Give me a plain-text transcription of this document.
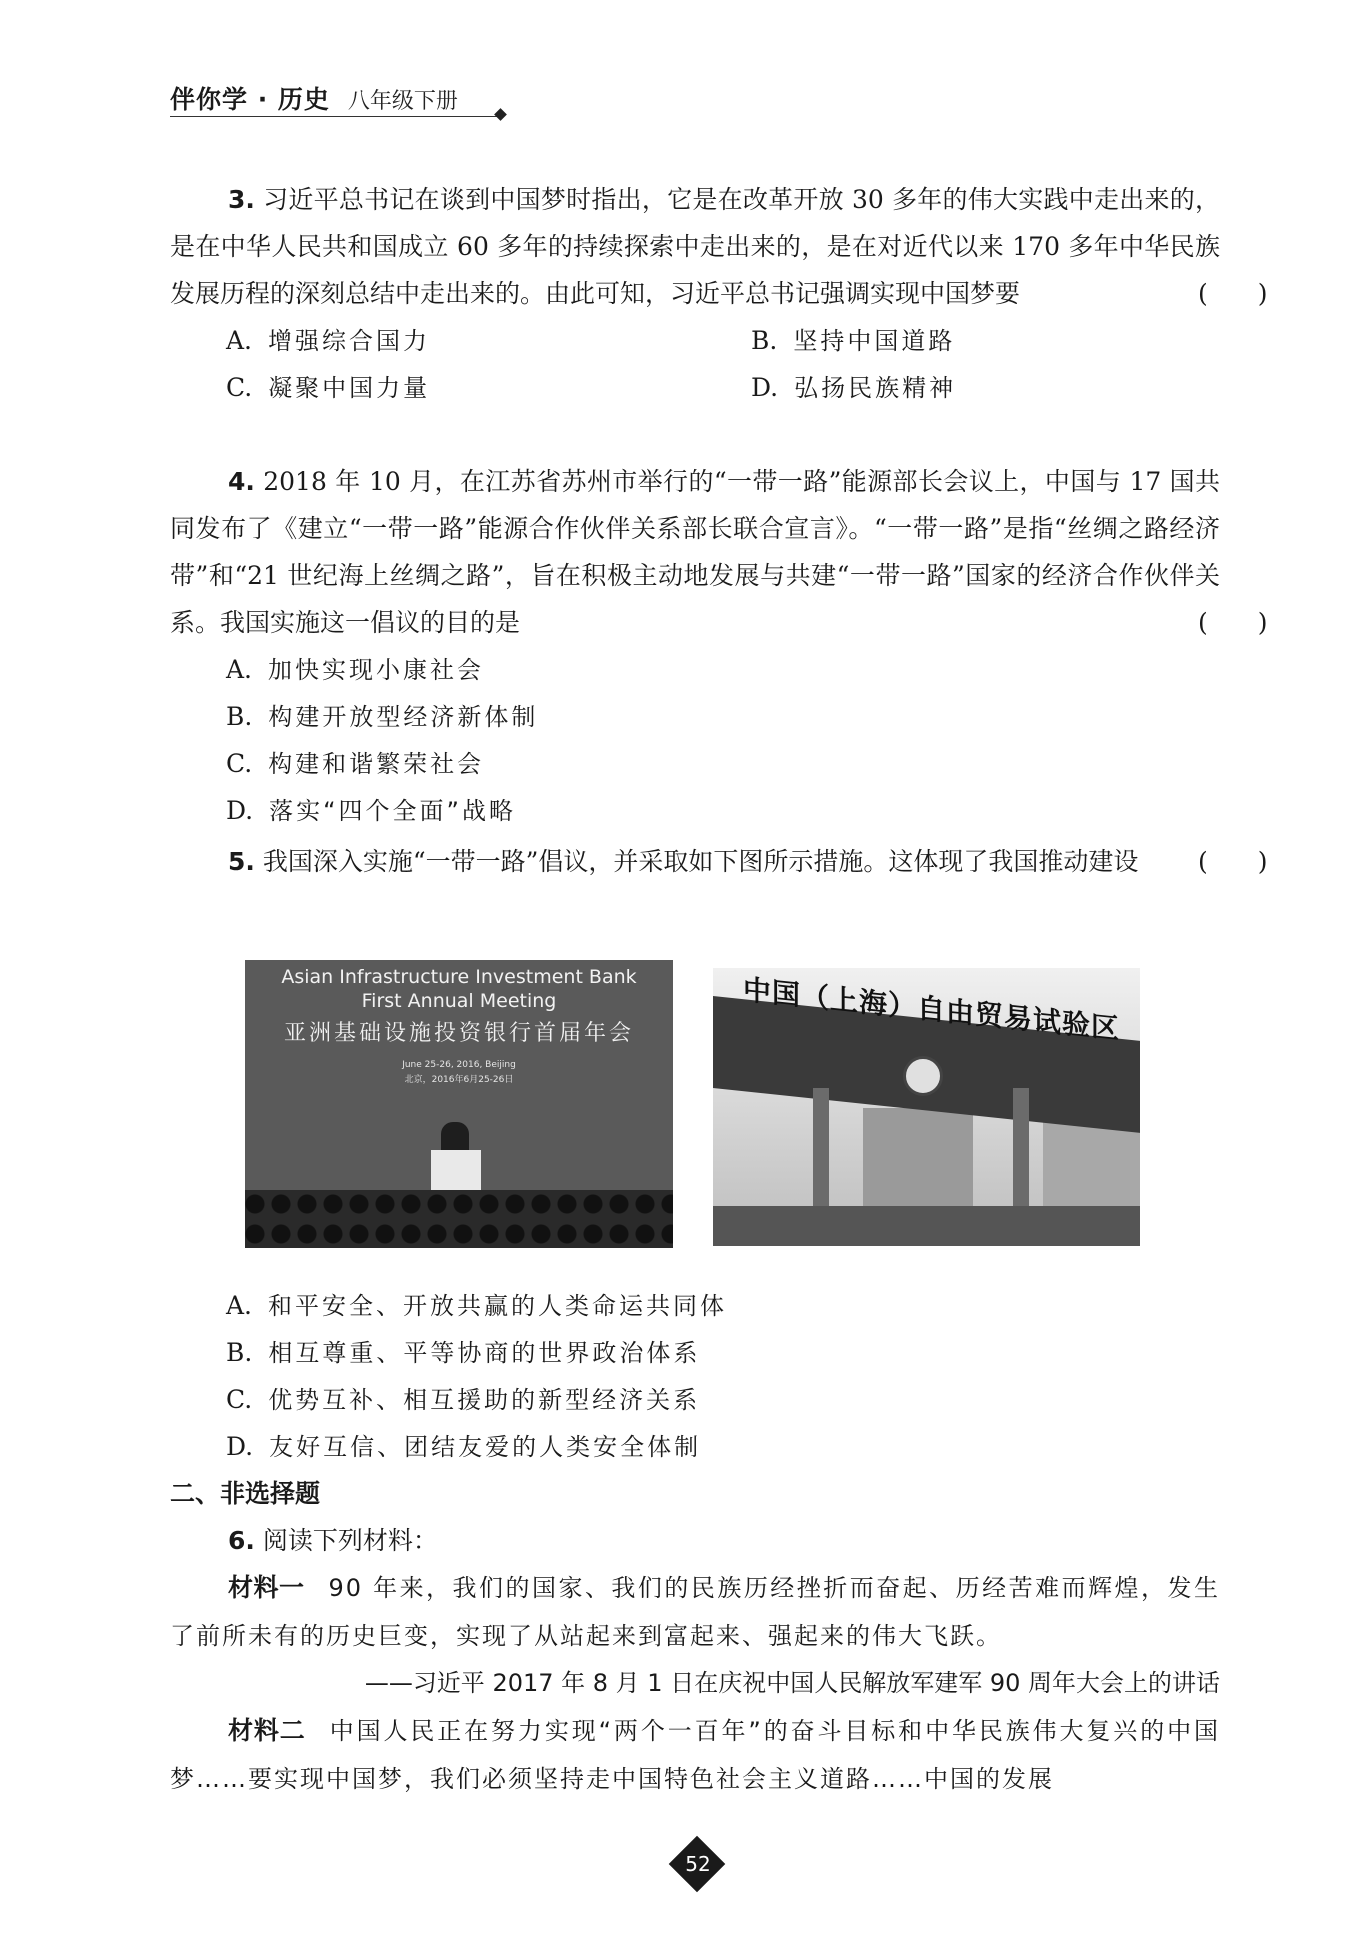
伴你学 · 历史 八年级下册
3. 习近平总书记在谈到中国梦时指出，它是在改革开放 30 多年的伟大实践中走出来的，是在中华人民共和国成立 60 多年的持续探索中走出来的，是在对近代以来 170 多年中华民族发展历程的深刻总结中走出来的。由此可知，习近平总书记强调实现中国梦要	(　　)
A. 增强综合国力	B. 坚持中国道路
C. 凝聚中国力量	D. 弘扬民族精神
4. 2018 年 10 月，在江苏省苏州市举行的“一带一路”能源部长会议上，中国与 17 国共同发布了《建立“一带一路”能源合作伙伴关系部长联合宣言》。“一带一路”是指“丝绸之路经济带”和“21 世纪海上丝绸之路”，旨在积极主动地发展与共建“一带一路”国家的经济合作伙伴关系。我国实施这一倡议的目的是	(　　)
A. 加快实现小康社会
B. 构建开放型经济新体制
C. 构建和谐繁荣社会
D. 落实“四个全面”战略
5. 我国深入实施“一带一路”倡议，并采取如下图所示措施。这体现了我国推动建设	(　　)
Asian Infrastructure Investment Bank
First Annual Meeting
亚洲基础设施投资银行首届年会
June 25-26, 2016, Beijing
北京，2016年6月25-26日
中国（上海）自由贸易试验区
A. 和平安全、开放共赢的人类命运共同体
B. 相互尊重、平等协商的世界政治体系
C. 优势互补、相互援助的新型经济关系
D. 友好互信、团结友爱的人类安全体制
二、非选择题
6. 阅读下列材料：
材料一 90 年来，我们的国家、我们的民族历经挫折而奋起、历经苦难而辉煌，发生了前所未有的历史巨变，实现了从站起来到富起来、强起来的伟大飞跃。
——习近平 2017 年 8 月 1 日在庆祝中国人民解放军建军 90 周年大会上的讲话
材料二 中国人民正在努力实现“两个一百年”的奋斗目标和中华民族伟大复兴的中国梦……要实现中国梦，我们必须坚持走中国特色社会主义道路……中国的发展
52
